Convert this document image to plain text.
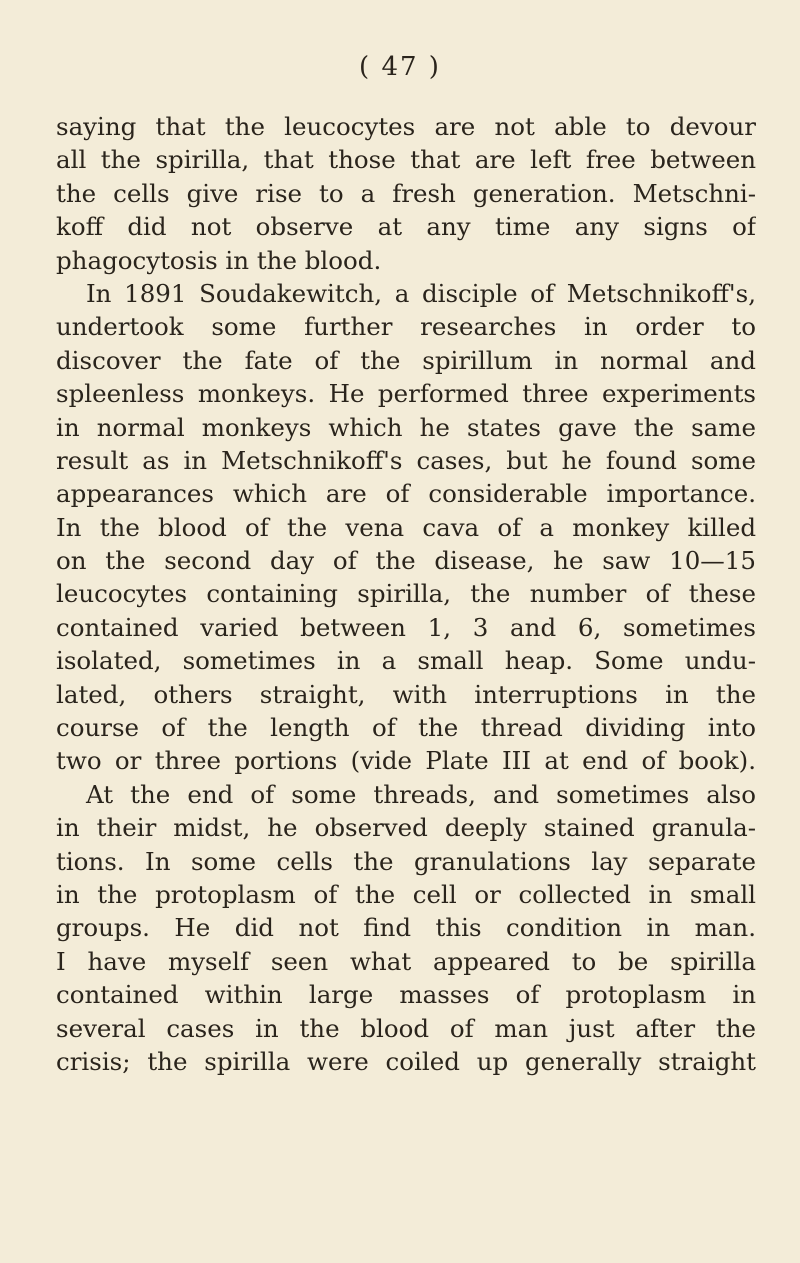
( 47 )
saying that the leucocytes are not able to devour
all the spirilla, that those that are left free between
the cells give rise to a fresh generation. Metschni-
koff did not observe at any time any signs of
phagocytosis in the blood.
In 1891 Soudakewitch, a disciple of Metschnikoff's,
undertook some further researches in order to
discover the fate of the spirillum in normal and
spleenless monkeys. He performed three experiments
in normal monkeys which he states gave the same
result as in Metschnikoff's cases, but he found some
appearances which are of considerable importance.
In the blood of the vena cava of a monkey killed
on the second day of the disease, he saw 10—15
leucocytes containing spirilla, the number of these
contained varied between 1, 3 and 6, sometimes
isolated, sometimes in a small heap. Some undu-
lated, others straight, with interruptions in the
course of the length of the thread dividing into
two or three portions (vide Plate III at end of book).
At the end of some threads, and sometimes also
in their midst, he observed deeply stained granula-
tions. In some cells the granulations lay separate
in the protoplasm of the cell or collected in small
groups. He did not find this condition in man.
I have myself seen what appeared to be spirilla
contained within large masses of protoplasm in
several cases in the blood of man just after the
crisis; the spirilla were coiled up generally straight
